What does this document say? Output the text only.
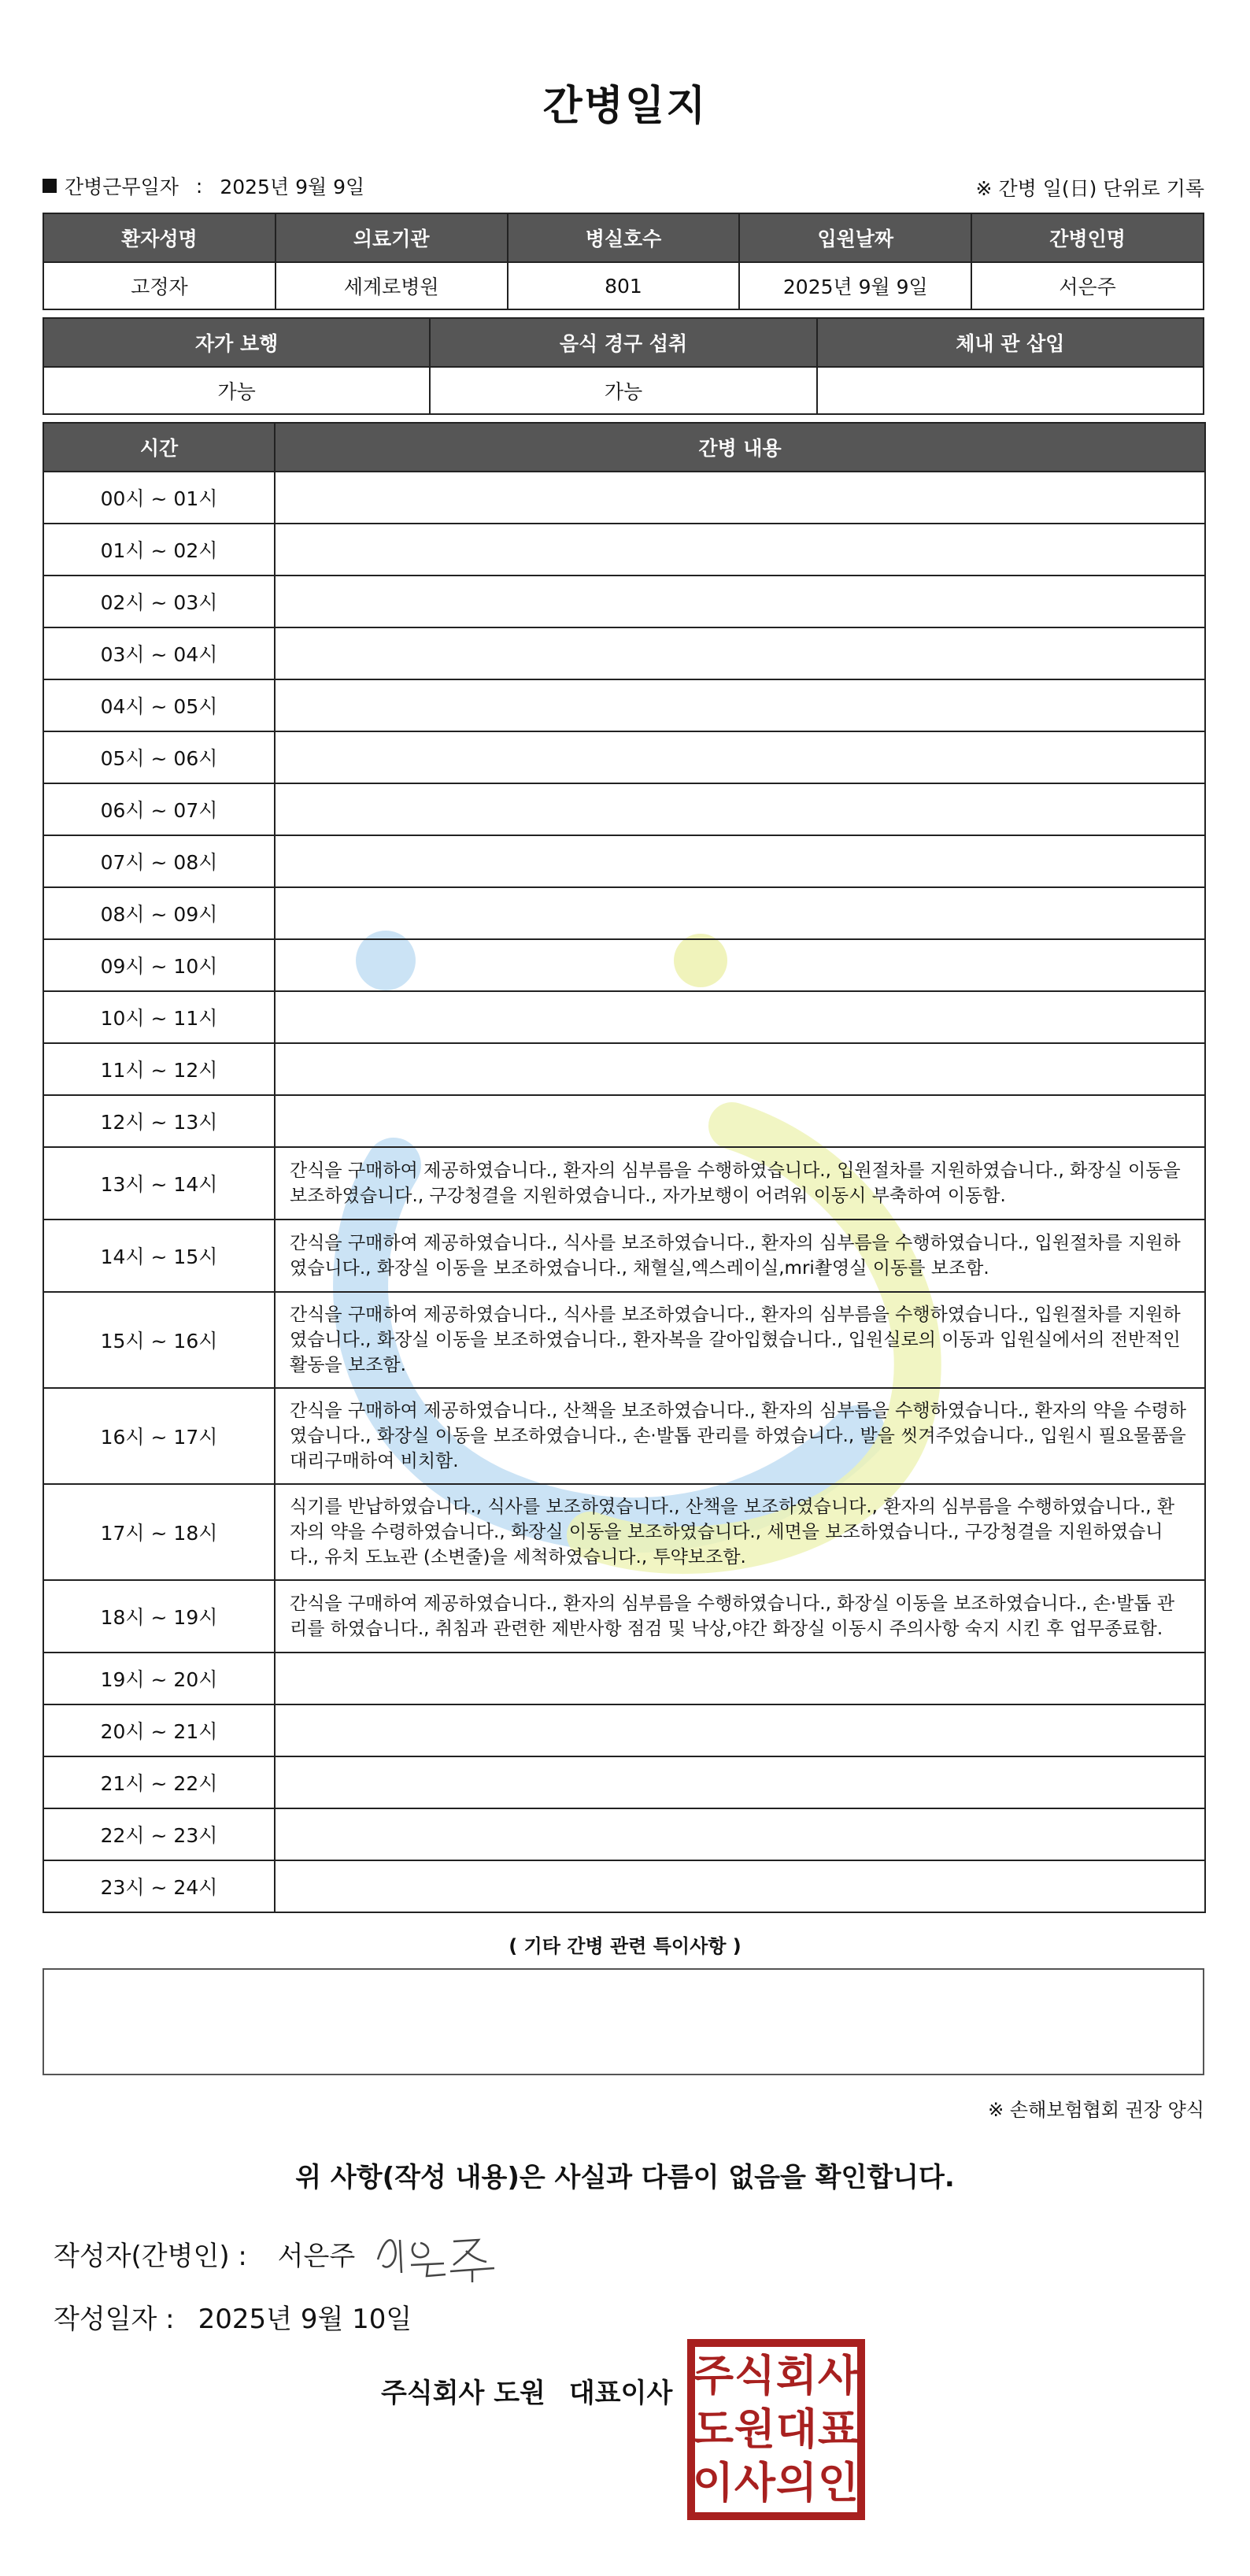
간병일지
간병근무일자 : 2025년 9월 9일	※ 간병 일(日) 단위로 기록
환자성명	의료기관	병실호수	입원날짜	간병인명
고정자	세계로병원	801	2025년 9월 9일	서은주
자가 보행	음식 경구 섭취	체내 관 삽입
가능	가능	
시간	간병 내용
00시 ~ 01시	
01시 ~ 02시	
02시 ~ 03시	
03시 ~ 04시	
04시 ~ 05시	
05시 ~ 06시	
06시 ~ 07시	
07시 ~ 08시	
08시 ~ 09시	
09시 ~ 10시	
10시 ~ 11시	
11시 ~ 12시	
12시 ~ 13시	
13시 ~ 14시	간식을 구매하여 제공하였습니다., 환자의 심부름을 수행하였습니다., 입원절차를 지원하였습니다., 화장실 이동을 보조하였습니다., 구강청결을 지원하였습니다., 자가보행이 어려워 이동시 부축하여 이동함.
14시 ~ 15시	간식을 구매하여 제공하였습니다., 식사를 보조하였습니다., 환자의 심부름을 수행하였습니다., 입원절차를 지원하였습니다., 화장실 이동을 보조하였습니다., 채혈실,엑스레이실,mri촬영실 이동를 보조함.
15시 ~ 16시	간식을 구매하여 제공하였습니다., 식사를 보조하였습니다., 환자의 심부름을 수행하였습니다., 입원절차를 지원하였습니다., 화장실 이동을 보조하였습니다., 환자복을 갈아입혔습니다., 입원실로의 이동과 입원실에서의 전반적인 활동을 보조함.
16시 ~ 17시	간식을 구매하여 제공하였습니다., 산책을 보조하였습니다., 환자의 심부름을 수행하였습니다., 환자의 약을 수령하였습니다., 화장실 이동을 보조하였습니다., 손·발톱 관리를 하였습니다., 발을 씻겨주었습니다., 입원시 필요물품을 대리구매하여 비치함.
17시 ~ 18시	식기를 반납하였습니다., 식사를 보조하였습니다., 산책을 보조하였습니다., 환자의 심부름을 수행하였습니다., 환자의 약을 수령하였습니다., 화장실 이동을 보조하였습니다., 세면을 보조하였습니다., 구강청결을 지원하였습니다., 유치 도뇨관 (소변줄)을 세척하였습니다., 투약보조함.
18시 ~ 19시	간식을 구매하여 제공하였습니다., 환자의 심부름을 수행하였습니다., 화장실 이동을 보조하였습니다., 손·발톱 관리를 하였습니다., 취침과 관련한 제반사항 점검 및 낙상,야간 화장실 이동시 주의사항 숙지 시킨 후 업무종료함.
19시 ~ 20시	
20시 ~ 21시	
21시 ~ 22시	
22시 ~ 23시	
23시 ~ 24시	
( 기타 간병 관련 특이사항 )
※ 손해보험협회 권장 양식
위 사항(작성 내용)은 사실과 다름이 없음을 확인합니다.
작성자(간병인) : 서은주
작성일자 : 2025년 9월 10일
주식회사 도원 대표이사 주 식 회 사
도 원 대 표
이 사 의 인
